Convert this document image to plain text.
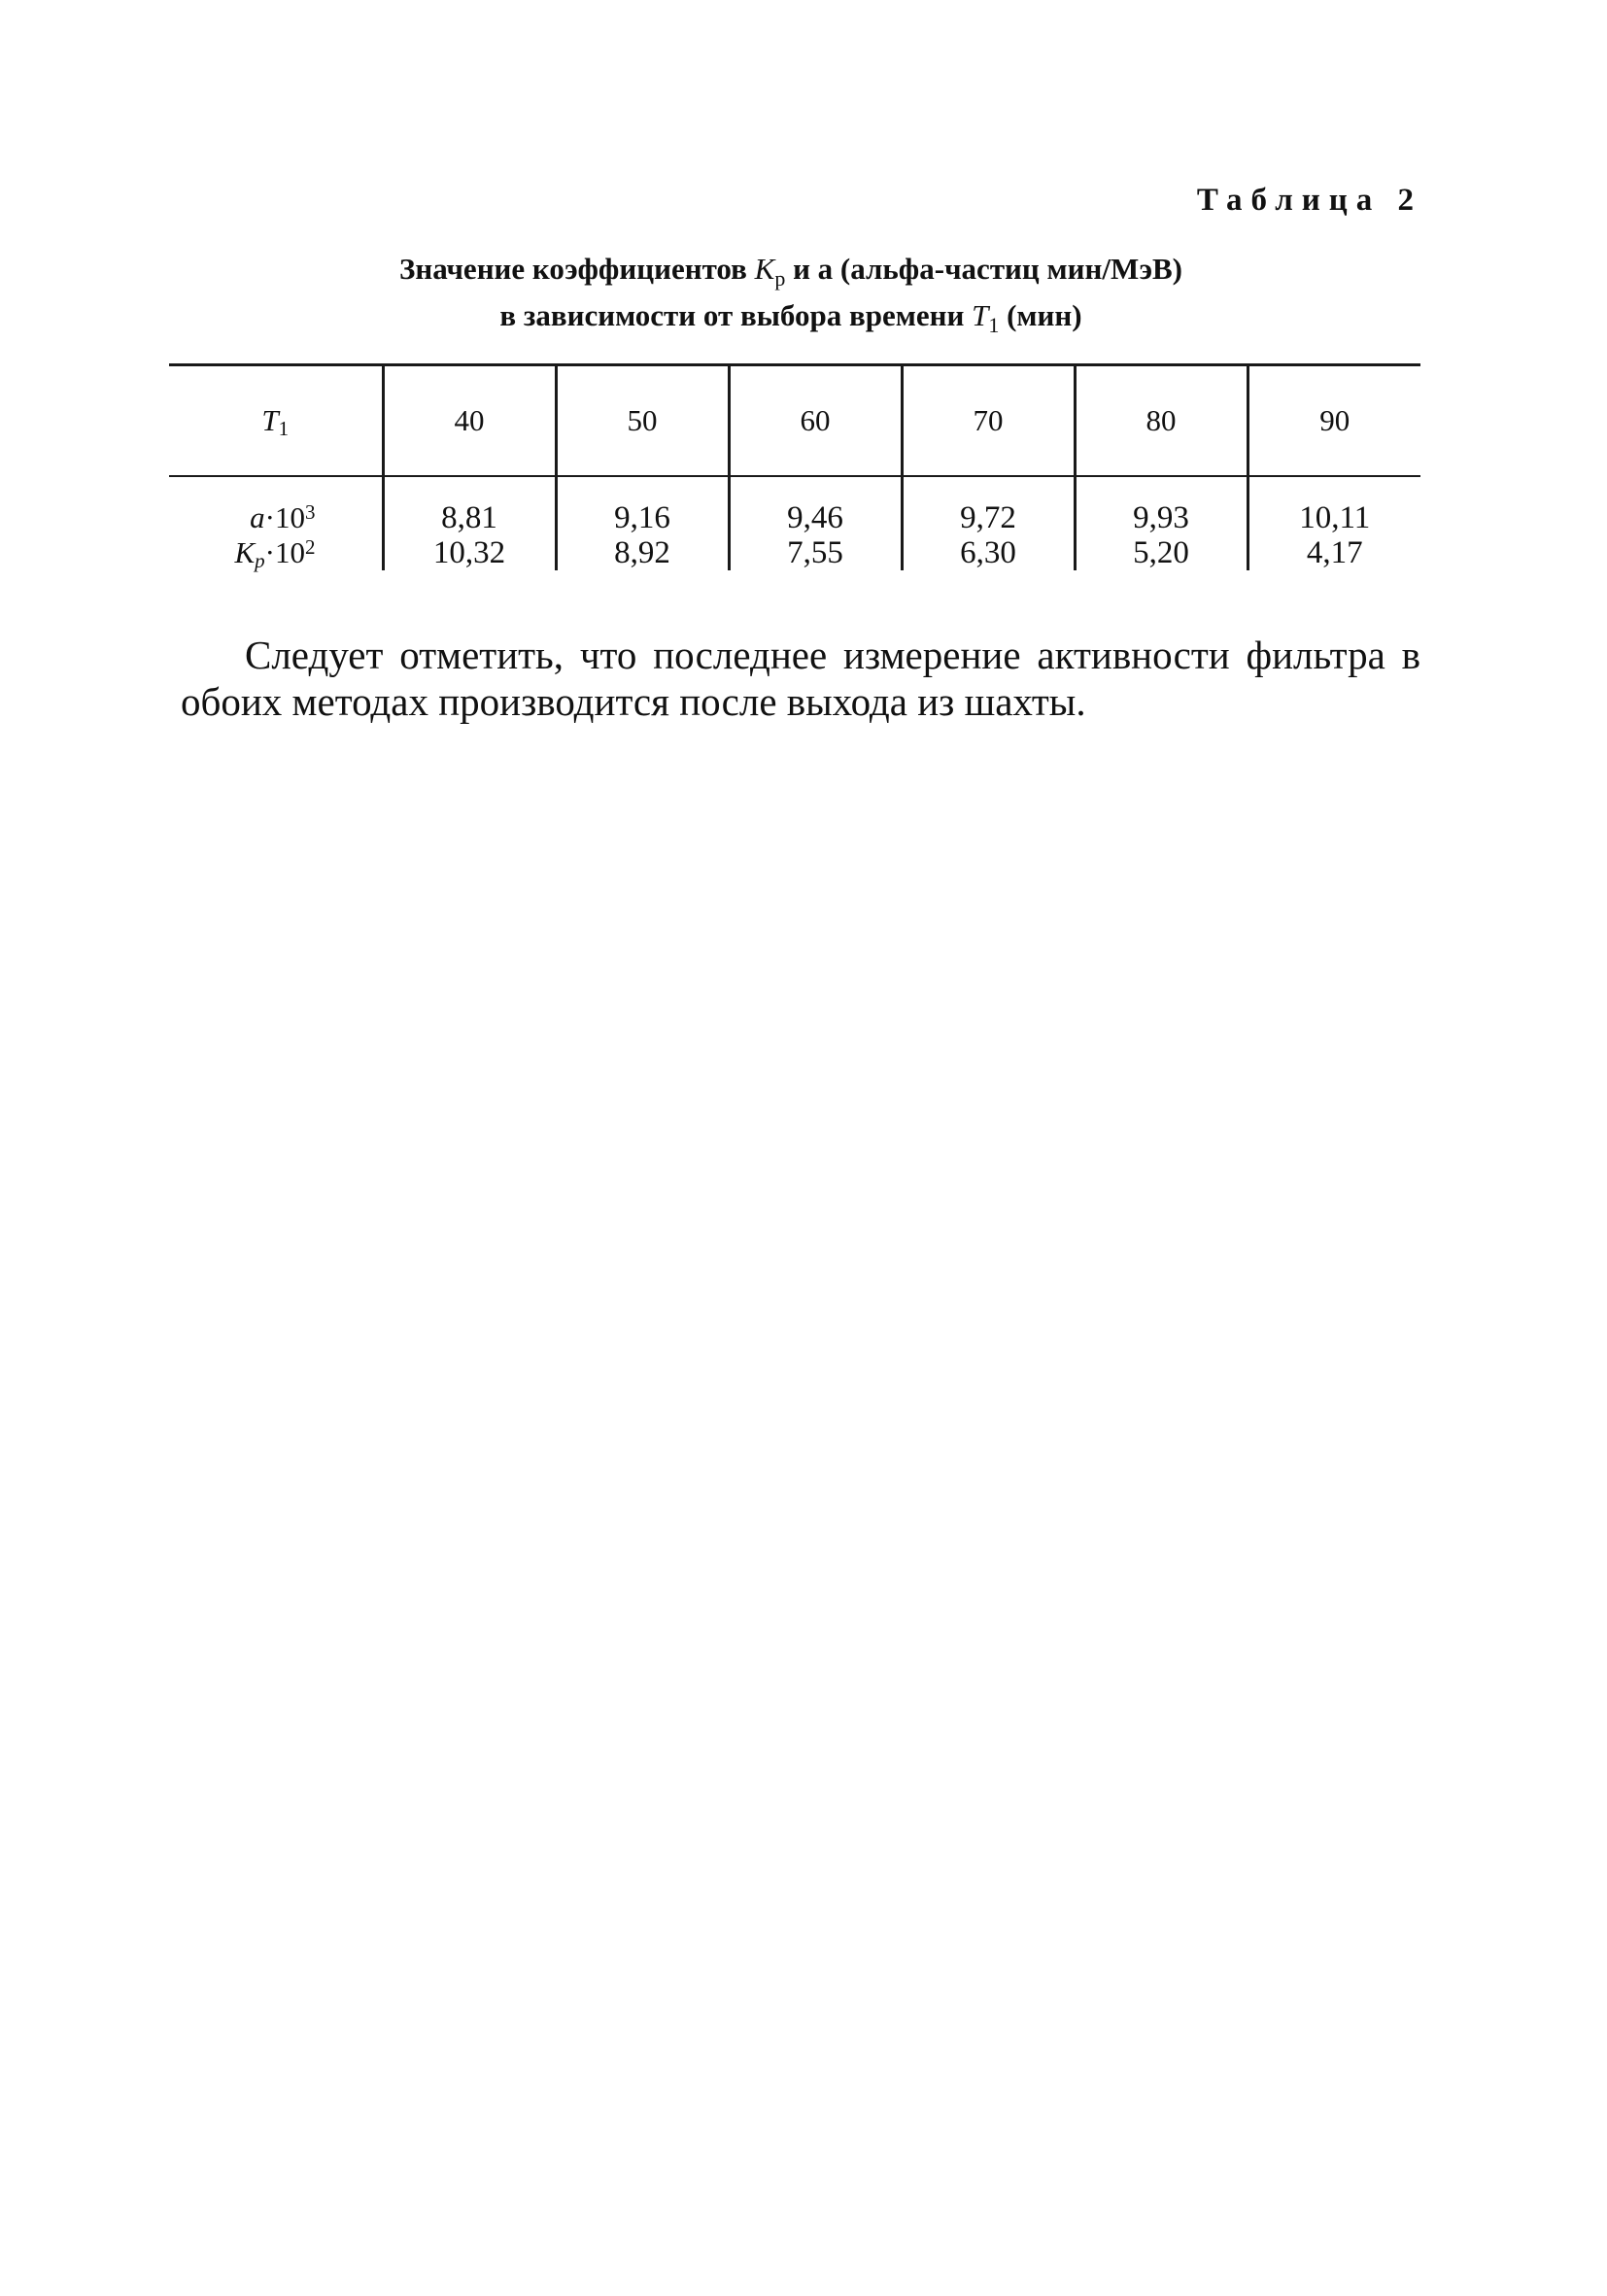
Таблица 2
Значение коэффициентов $K_p$ и а (альфа-частиц мин/МэВ)
в зависимости от выбора времени $T_1$ (мин)
$T_1$	40	50	60	70	80	90
$a\cdot 10^3$	8,81	9,16	9,46	9,72	9,93	10,11
$K_p\cdot 10^2$	10,32	8,92	7,55	6,30	5,20	4,17

Следует отметить, что последнее измерение активности фильтра в обоих методах производится после выхода из шахты.
